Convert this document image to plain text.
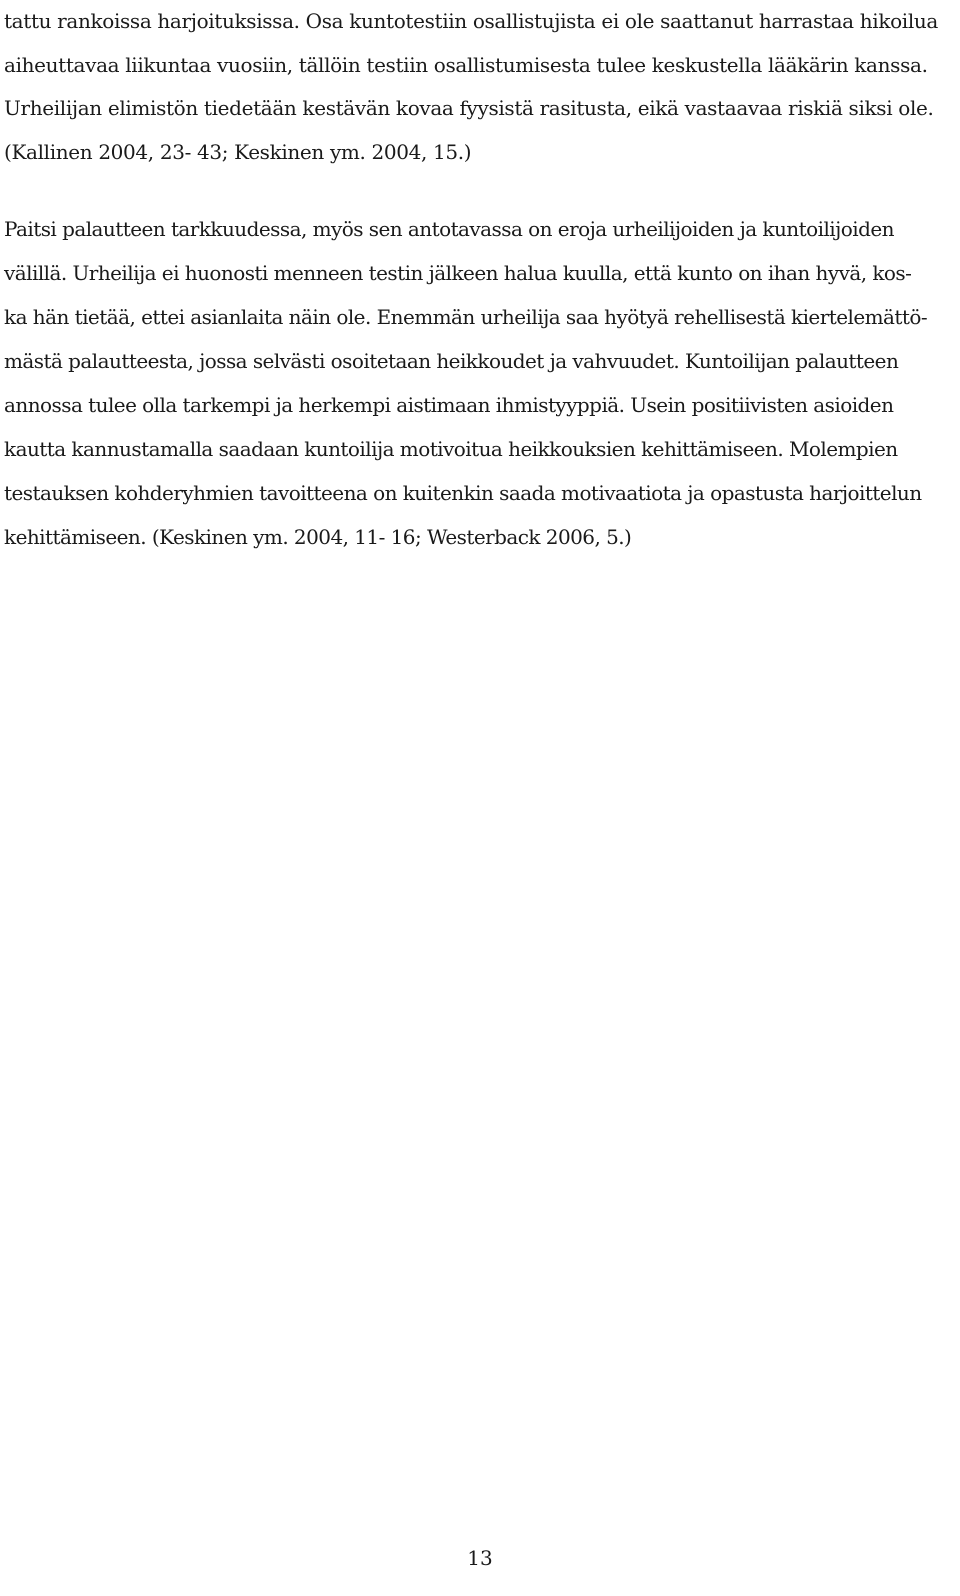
tattu rankoissa harjoituksissa. Osa kuntotestiin osallistujista ei ole saattanut harrastaa hikoilua
aiheuttavaa liikuntaa vuosiin, tällöin testiin osallistumisesta tulee keskustella lääkärin kanssa.
Urheilijan elimistön tiedetään kestävän kovaa fyysistä rasitusta, eikä vastaavaa riskiä siksi ole.
(Kallinen 2004, 23- 43; Keskinen ym. 2004, 15.)

Paitsi palautteen tarkkuudessa, myös sen antotavassa on eroja urheilijoiden ja kuntoilijoiden
välillä. Urheilija ei huonosti menneen testin jälkeen halua kuulla, että kunto on ihan hyvä, kos-
ka hän tietää, ettei asianlaita näin ole. Enemmän urheilija saa hyötyä rehellisestä kiertelemättö-
mästä palautteesta, jossa selvästi osoitetaan heikkoudet ja vahvuudet. Kuntoilijan palautteen
annossa tulee olla tarkempi ja herkempi aistimaan ihmistyyppiä. Usein positiivisten asioiden
kautta kannustamalla saadaan kuntoilija motivoitua heikkouksien kehittämiseen. Molempien
testauksen kohderyhmien tavoitteena on kuitenkin saada motivaatiota ja opastusta harjoittelun
kehittämiseen. (Keskinen ym. 2004, 11- 16; Westerback 2006, 5.)

13
